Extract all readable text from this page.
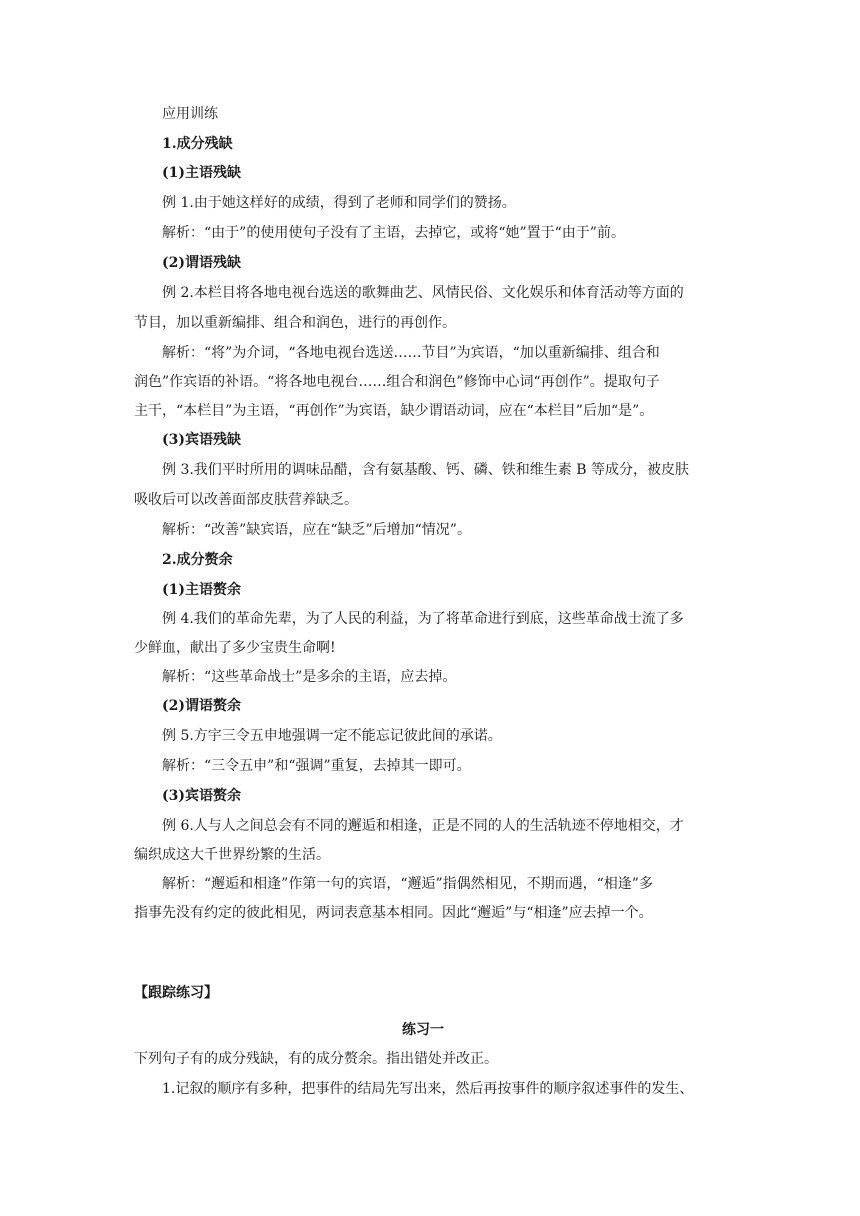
应用训练
1.成分残缺
(1)主语残缺
例 1.由于她这样好的成绩，得到了老师和同学们的赞扬。
解析：“由于”的使用使句子没有了主语，去掉它，或将“她”置于“由于”前。
(2)谓语残缺
例 2.本栏目将各地电视台选送的歌舞曲艺、风情民俗、文化娱乐和体育活动等方面的
节目，加以重新编排、组合和润色，进行的再创作。
解析：“将”为介词，“各地电视台选送……节目”为宾语，“加以重新编排、组合和
润色”作宾语的补语。“将各地电视台……组合和润色”修饰中心词“再创作”。提取句子
主干，“本栏目”为主语，“再创作”为宾语，缺少谓语动词，应在“本栏目”后加“是”。
(3)宾语残缺
例 3.我们平时所用的调味品醋，含有氨基酸、钙、磷、铁和维生素 B 等成分，被皮肤
吸收后可以改善面部皮肤营养缺乏。
解析：“改善”缺宾语，应在“缺乏”后增加“情况”。
2.成分赘余
(1)主语赘余
例 4.我们的革命先辈，为了人民的利益，为了将革命进行到底，这些革命战士流了多
少鲜血，献出了多少宝贵生命啊!
解析：“这些革命战士”是多余的主语，应去掉。
(2)谓语赘余
例 5.方宇三令五申地强调一定不能忘记彼此间的承诺。
解析：“三令五申”和“强调”重复，去掉其一即可。
(3)宾语赘余
例 6.人与人之间总会有不同的邂逅和相逢，正是不同的人的生活轨迹不停地相交，才
编织成这大千世界纷繁的生活。
解析：“邂逅和相逢”作第一句的宾语，“邂逅”指偶然相见，不期而遇，“相逢”多
指事先没有约定的彼此相见，两词表意基本相同。因此“邂逅”与“相逢”应去掉一个。
【跟踪练习】
练习一
下列句子有的成分残缺，有的成分赘余。指出错处并改正。
1.记叙的顺序有多种，把事件的结局先写出来，然后再按事件的顺序叙述事件的发生、
